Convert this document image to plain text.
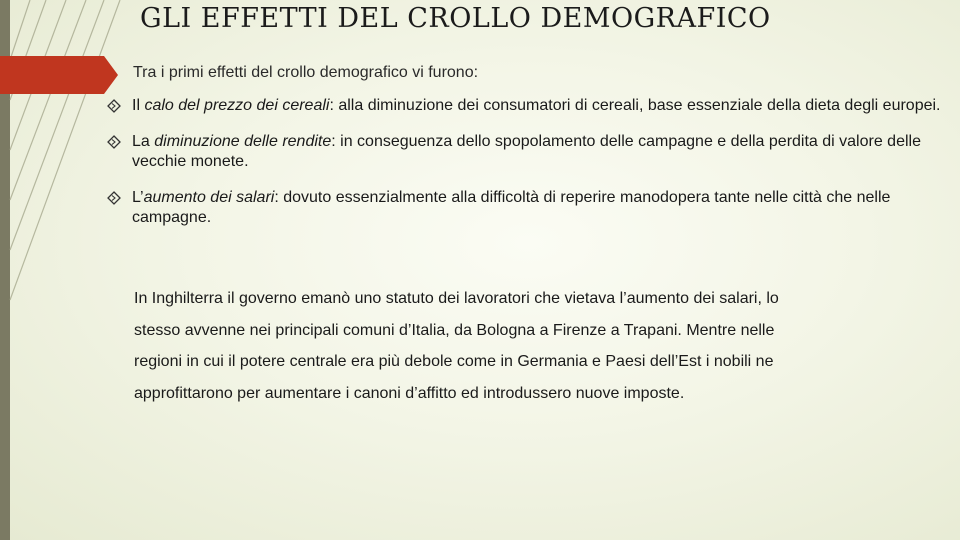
GLI EFFETTI DEL CROLLO DEMOGRAFICO
Tra i primi effetti del crollo demografico vi furono:
Il calo del prezzo dei cereali: alla diminuzione dei consumatori di cereali, base essenziale della dieta degli europei.
La diminuzione delle rendite: in conseguenza dello spopolamento delle campagne e della perdita di valore delle vecchie monete.
L’aumento dei salari: dovuto essenzialmente alla difficoltà di reperire manodopera tante nelle città che nelle campagne.
In Inghilterra il governo emanò uno statuto dei lavoratori che vietava l’aumento dei salari, lo
stesso avvenne nei principali comuni d’Italia, da Bologna a Firenze a Trapani. Mentre nelle
regioni in cui il potere centrale era più debole come in Germania e Paesi dell’Est i nobili ne
approfittarono per aumentare i canoni d’affitto ed introdussero nuove imposte.
